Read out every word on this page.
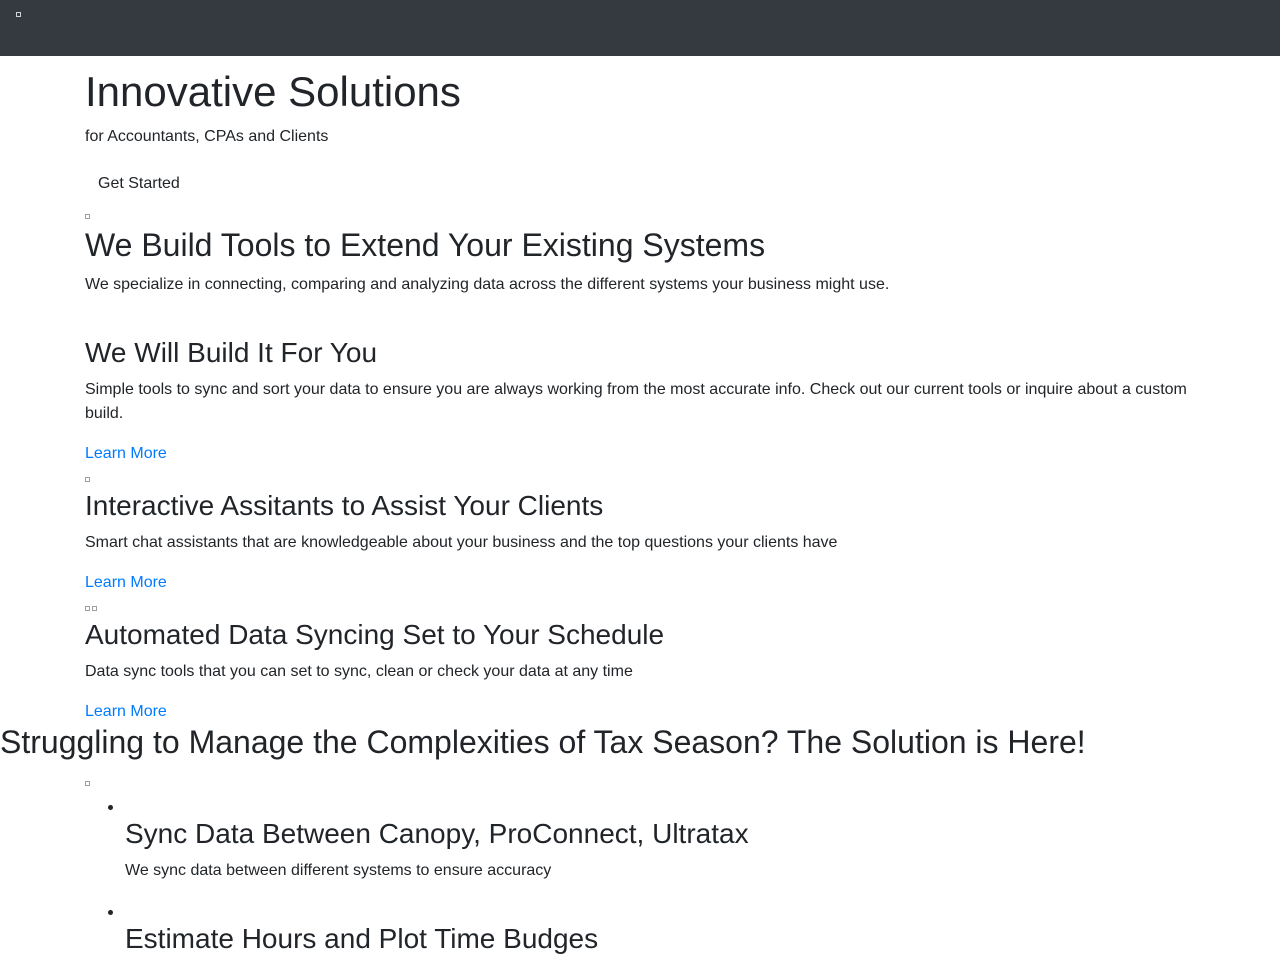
Innovative Solutions

for Accountants, CPAs and Clients

Get Started
We Build Tools to Extend Your Existing Systems

We specialize in connecting, comparing and analyzing data across the different systems your business might use.

We Will Build It For You

Simple tools to sync and sort your data to ensure you are always working from the most accurate info. Check out our current tools or inquire about a custom build.

Learn More
Interactive Assitants to Assist Your Clients

Smart chat assistants that are knowledgeable about your business and the top questions your clients have

Learn More
Automated Data Syncing Set to Your Schedule

Data sync tools that you can set to sync, clean or check your data at any time

Learn More
Struggling to Manage the Complexities of Tax Season? The Solution is Here!
Sync Data Between Canopy, ProConnect, Ultratax

We sync data between different systems to ensure accuracy

Estimate Hours and Plot Time Budges
